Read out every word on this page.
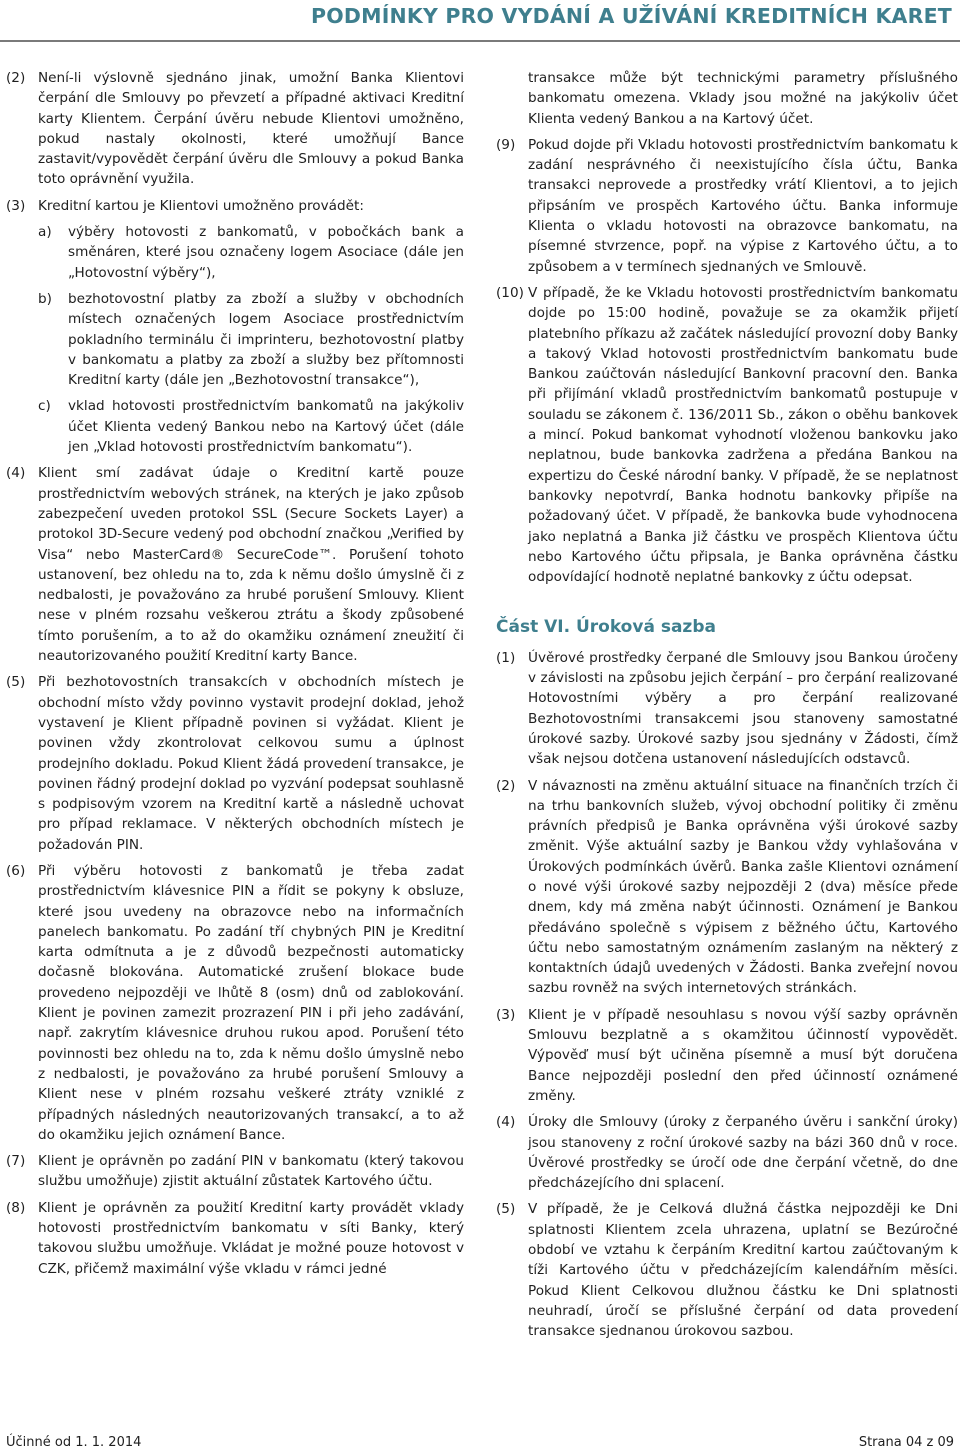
PODMÍNKY PRO VYDÁNÍ A UŽÍVÁNÍ KREDITNÍCH KARET
(2) Není-li výslovně sjednáno jinak, umožní Banka Klientovi čerpání dle Smlouvy po převzetí a případné aktivaci Kreditní karty Klientem. Čerpání úvěru nebude Klientovi umožněno, pokud nastaly okolnosti, které umožňují Bance zastavit/vypovědět čerpání úvěru dle Smlouvy a pokud Banka toto oprávnění využila.
(3) Kreditní kartou je Klientovi umožněno provádět:
a)	výběry hotovosti z bankomatů, v pobočkách bank a směnáren, které jsou označeny logem Asociace (dále jen „Hotovostní výběry“),
b)	bezhotovostní platby za zboží a služby v obchodních místech označených logem Asociace prostřednictvím pokladního terminálu či imprinteru, bezhotovostní platby v bankomatu a platby za zboží a služby bez přítomnosti Kreditní karty (dále jen „Bezhotovostní transakce“),
c)	vklad hotovosti prostřednictvím bankomatů na jakýkoliv účet Klienta vedený Bankou nebo na Kartový účet (dále jen „Vklad hotovosti prostřednictvím bankomatu“).
(4) Klient smí zadávat údaje o Kreditní kartě pouze prostřednictvím webových stránek, na kterých je jako způsob zabezpečení uveden protokol SSL (Secure Sockets Layer) a protokol 3D-Secure vedený pod obchodní značkou „Verified by Visa“ nebo MasterCard® SecureCode™. Porušení tohoto ustanovení, bez ohledu na to, zda k němu došlo úmyslně či z nedbalosti, je považováno za hrubé porušení Smlouvy. Klient nese v plném rozsahu veškerou ztrátu a škody způsobené tímto porušením, a to až do okamžiku oznámení zneužití či neautorizovaného použití Kreditní karty Bance.
(5) Při bezhotovostních transakcích v obchodních místech je obchodní místo vždy povinno vystavit prodejní doklad, jehož vystavení je Klient případně povinen si vyžádat. Klient je povinen vždy zkontrolovat celkovou sumu a úplnost prodejního dokladu. Pokud Klient žádá provedení transakce, je povinen řádný prodejní doklad po vyzvání podepsat souhlasně s podpisovým vzorem na Kreditní kartě a následně uchovat pro případ reklamace. V některých obchodních místech je požadován PIN.
(6) Při výběru hotovosti z bankomatů je třeba zadat prostřednictvím klávesnice PIN a řídit se pokyny k obsluze, které jsou uvedeny na obrazovce nebo na informačních panelech bankomatu. Po zadání tří chybných PIN je Kreditní karta odmítnuta a je z důvodů bezpečnosti automaticky dočasně blokována. Automatické zrušení blokace bude provedeno nejpozději ve lhůtě 8 (osm) dnů od zablokování. Klient je povinen zamezit prozrazení PIN i při jeho zadávání, např. zakrytím klávesnice druhou rukou apod. Porušení této povinnosti bez ohledu na to, zda k němu došlo úmyslně nebo z nedbalosti, je považováno za hrubé porušení Smlouvy a Klient nese v plném rozsahu veškeré ztráty vzniklé z případných následných neautorizovaných transakcí, a to až do okamžiku jejich oznámení Bance.
(7) Klient je oprávněn po zadání PIN v bankomatu (který takovou službu umožňuje) zjistit aktuální zůstatek Kartového účtu.
(8) Klient je oprávněn za použití Kreditní karty provádět vklady hotovosti prostřednictvím bankomatu v síti Banky, který takovou službu umožňuje. Vkládat je možné pouze hotovost v CZK, přičemž maximální výše vkladu v rámci jedné
transakce může být technickými parametry příslušného bankomatu omezena. Vklady jsou možné na jakýkoliv účet Klienta vedený Bankou a na Kartový účet.
(9) Pokud dojde při Vkladu hotovosti prostřednictvím bankomatu k zadání nesprávného či neexistujícího čísla účtu, Banka transakci neprovede a prostředky vrátí Klientovi, a to jejich připsáním ve prospěch Kartového účtu. Banka informuje Klienta o vkladu hotovosti na obrazovce bankomatu, na písemné stvrzence, popř. na výpise z Kartového účtu, a to způsobem a v termínech sjednaných ve Smlouvě.
(10) V případě, že ke Vkladu hotovosti prostřednictvím bankomatu dojde po 15:00 hodině, považuje se za okamžik přijetí platebního příkazu až začátek následující provozní doby Banky a takový Vklad hotovosti prostřednictvím bankomatu bude Bankou zaúčtován následující Bankovní pracovní den. Banka při přijímání vkladů prostřednictvím bankomatů postupuje v souladu se zákonem č. 136/2011 Sb., zákon o oběhu bankovek a mincí. Pokud bankomat vyhodnotí vloženou bankovku jako neplatnou, bude bankovka zadržena a předána Bankou na expertizu do České národní banky. V případě, že se neplatnost bankovky nepotvrdí, Banka hodnotu bankovky připíše na požadovaný účet. V případě, že bankovka bude vyhodnocena jako neplatná a Banka již částku ve prospěch Klientova účtu nebo Kartového účtu připsala, je Banka oprávněna částku odpovídající hodnotě neplatné bankovky z účtu odepsat.
Část VI. Úroková sazba
(1) Úvěrové prostředky čerpané dle Smlouvy jsou Bankou úročeny v závislosti na způsobu jejich čerpání – pro čerpání realizované Hotovostními výběry a pro čerpání realizované Bezhotovostními transakcemi jsou stanoveny samostatné úrokové sazby. Úrokové sazby jsou sjednány v Žádosti, čímž však nejsou dotčena ustanovení následujících odstavců.
(2) V návaznosti na změnu aktuální situace na finančních trzích či na trhu bankovních služeb, vývoj obchodní politiky či změnu právních předpisů je Banka oprávněna výši úrokové sazby změnit. Výše aktuální sazby je Bankou vždy vyhlašována v Úrokových podmínkách úvěrů. Banka zašle Klientovi oznámení o nové výši úrokové sazby nejpozději 2 (dva) měsíce přede dnem, kdy má změna nabýt účinnosti. Oznámení je Bankou předáváno společně s výpisem z běžného účtu, Kartového účtu nebo samostatným oznámením zaslaným na některý z kontaktních údajů uvedených v Žádosti. Banka zveřejní novou sazbu rovněž na svých internetových stránkách.
(3) Klient je v případě nesouhlasu s novou výší sazby oprávněn Smlouvu bezplatně a s okamžitou účinností vypovědět. Výpověď musí být učiněna písemně a musí být doručena Bance nejpozději poslední den před účinností oznámené změny.
(4) Úroky dle Smlouvy (úroky z čerpaného úvěru i sankční úroky) jsou stanoveny z roční úrokové sazby na bázi 360 dnů v roce. Úvěrové prostředky se úročí ode dne čerpání včetně, do dne předcházejícího dni splacení.
(5) V případě, že je Celková dlužná částka nejpozději ke Dni splatnosti Klientem zcela uhrazena, uplatní se Bezúročné období ve vztahu k čerpáním Kreditní kartou zaúčtovaným k tíži Kartového účtu v předcházejícím kalendářním měsíci. Pokud Klient Celkovou dlužnou částku ke Dni splatnosti neuhradí, úročí se příslušné čerpání od data provedení transakce sjednanou úrokovou sazbou.
Účinné od 1. 1. 2014	Strana 04 z 09
